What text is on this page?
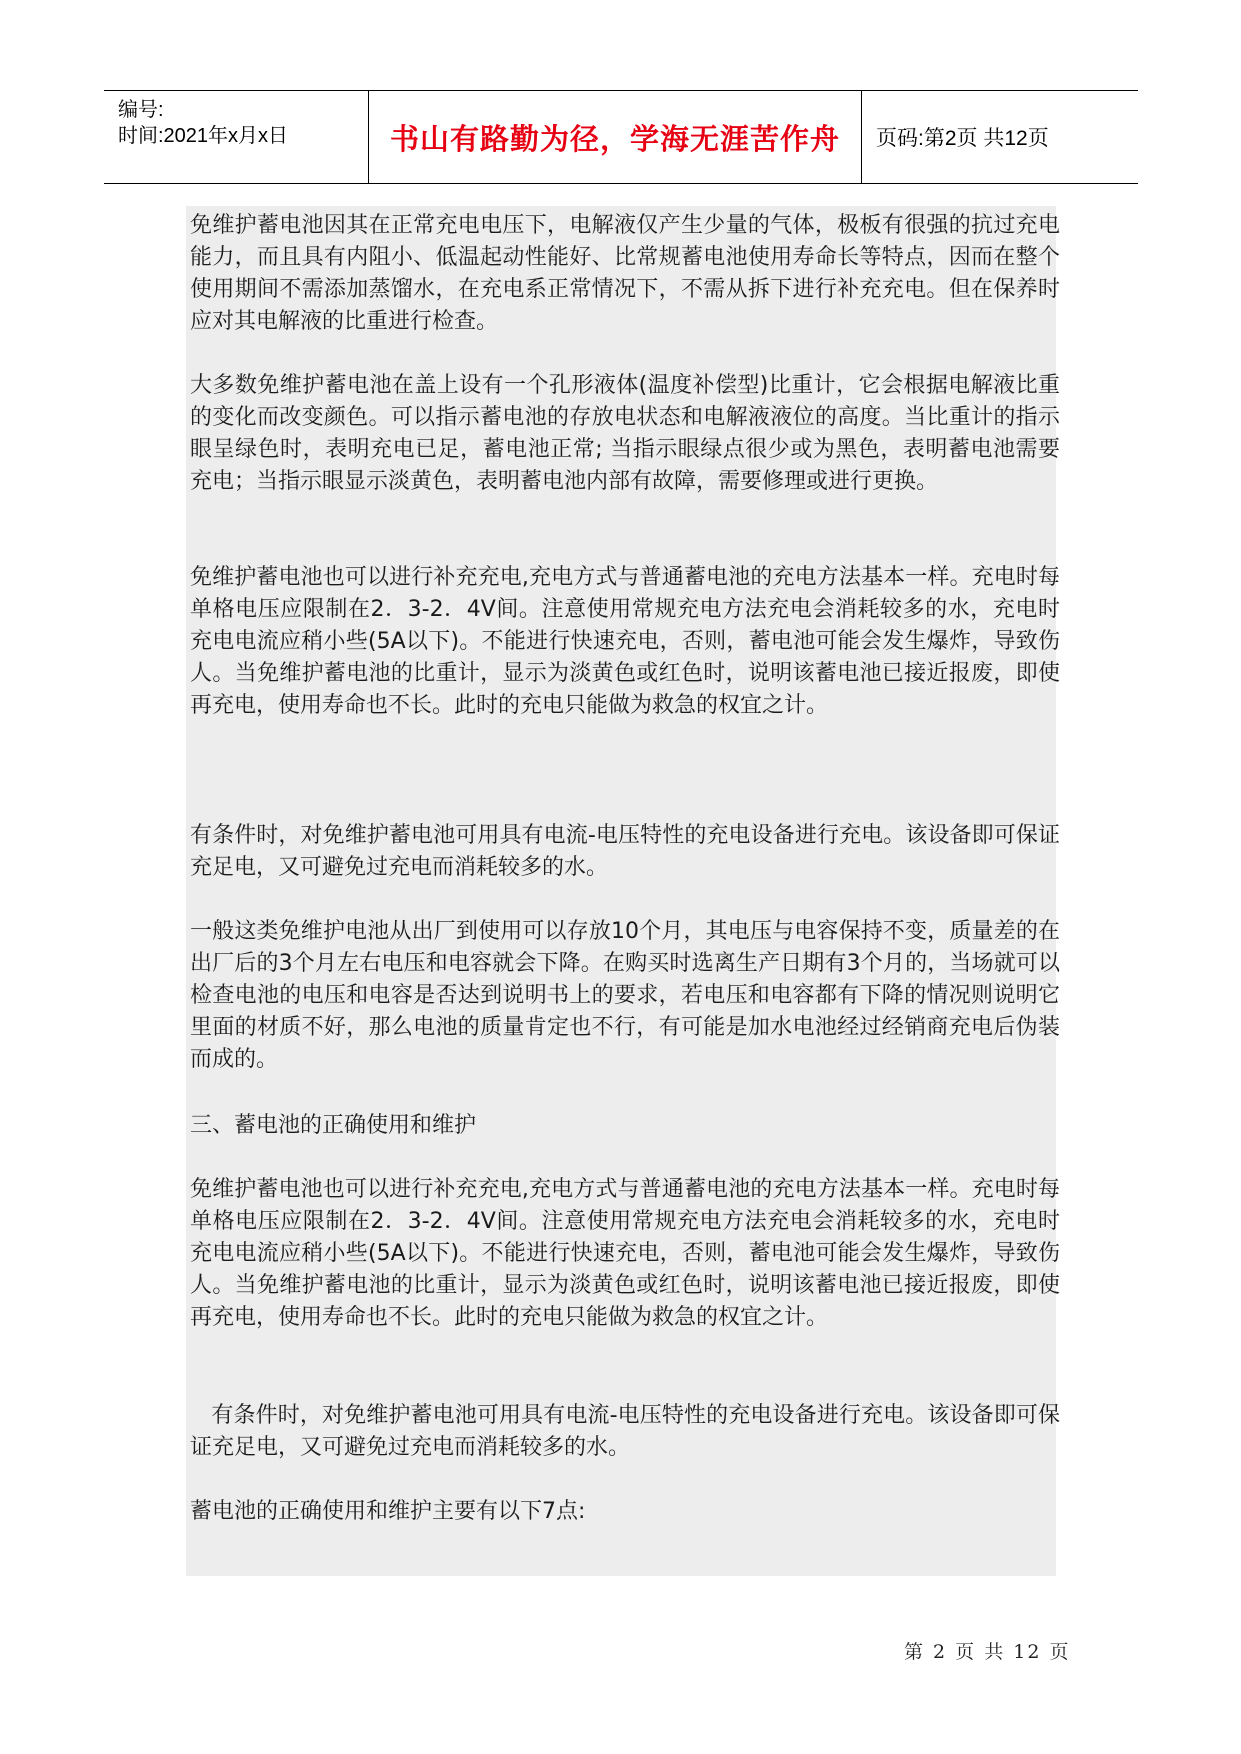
编号:
时间:2021年x月x日	书山有路勤为径，学海无涯苦作舟	页码:第2页 共12页

免维护蓄电池因其在正常充电电压下，电解液仅产生少量的气体，极板有很强的抗过充电能力，而且具有内阻小、低温起动性能好、比常规蓄电池使用寿命长等特点，因而在整个使用期间不需添加蒸馏水，在充电系正常情况下，不需从拆下进行补充充电。但在保养时应对其电解液的比重进行检查。

大多数免维护蓄电池在盖上设有一个孔形液体(温度补偿型)比重计，它会根据电解液比重的变化而改变颜色。可以指示蓄电池的存放电状态和电解液液位的高度。当比重计的指示眼呈绿色时，表明充电已足，蓄电池正常; 当指示眼绿点很少或为黑色，表明蓄电池需要充电；当指示眼显示淡黄色，表明蓄电池内部有故障，需要修理或进行更换。

免维护蓄电池也可以进行补充充电,充电方式与普通蓄电池的充电方法基本一样。充电时每单格电压应限制在2．3-2．4V间。注意使用常规充电方法充电会消耗较多的水，充电时充电电流应稍小些(5A以下)。不能进行快速充电，否则，蓄电池可能会发生爆炸，导致伤人。当免维护蓄电池的比重计，显示为淡黄色或红色时，说明该蓄电池已接近报废，即使再充电，使用寿命也不长。此时的充电只能做为救急的权宜之计。

有条件时，对免维护蓄电池可用具有电流-电压特性的充电设备进行充电。该设备即可保证充足电，又可避免过充电而消耗较多的水。

一般这类免维护电池从出厂到使用可以存放10个月，其电压与电容保持不变，质量差的在出厂后的3个月左右电压和电容就会下降。在购买时选离生产日期有3个月的，当场就可以检查电池的电压和电容是否达到说明书上的要求，若电压和电容都有下降的情况则说明它里面的材质不好，那么电池的质量肯定也不行，有可能是加水电池经过经销商充电后伪装而成的。

三、蓄电池的正确使用和维护

免维护蓄电池也可以进行补充充电,充电方式与普通蓄电池的充电方法基本一样。充电时每单格电压应限制在2．3-2．4V间。注意使用常规充电方法充电会消耗较多的水，充电时充电电流应稍小些(5A以下)。不能进行快速充电，否则，蓄电池可能会发生爆炸，导致伤人。当免维护蓄电池的比重计，显示为淡黄色或红色时，说明该蓄电池已接近报废，即使再充电，使用寿命也不长。此时的充电只能做为救急的权宜之计。

有条件时，对免维护蓄电池可用具有电流-电压特性的充电设备进行充电。该设备即可保证充足电，又可避免过充电而消耗较多的水。

蓄电池的正确使用和维护主要有以下7点:

第 2 页 共 12 页
